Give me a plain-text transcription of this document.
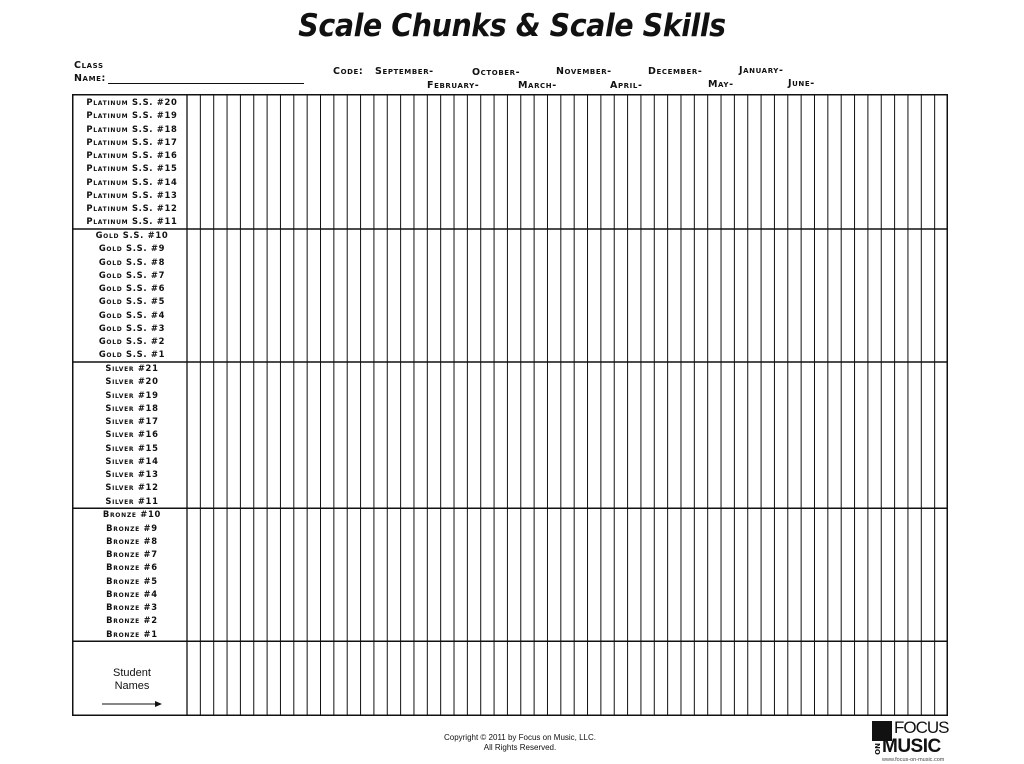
Scale Chunks & Scale Skills
Class
Name:
Code: September-	October-	November-	December-	January-
February-	March-	April-	May-	June-
Platinum S.S. #20
Platinum S.S. #19
Platinum S.S. #18
Platinum S.S. #17
Platinum S.S. #16
Platinum S.S. #15
Platinum S.S. #14
Platinum S.S. #13
Platinum S.S. #12
Platinum S.S. #11
Gold S.S. #10
Gold S.S. #9
Gold S.S. #8
Gold S.S. #7
Gold S.S. #6
Gold S.S. #5
Gold S.S. #4
Gold S.S. #3
Gold S.S. #2
Gold S.S. #1
Silver #21
Silver #20
Silver #19
Silver #18
Silver #17
Silver #16
Silver #15
Silver #14
Silver #13
Silver #12
Silver #11
Bronze #10
Bronze #9
Bronze #8
Bronze #7
Bronze #6
Bronze #5
Bronze #4
Bronze #3
Bronze #2
Bronze #1
Student
Names
Copyright © 2011 by Focus on Music, LLC.
All Rights Reserved.
FOCUS
ON MUSIC
www.focus-on-music.com
